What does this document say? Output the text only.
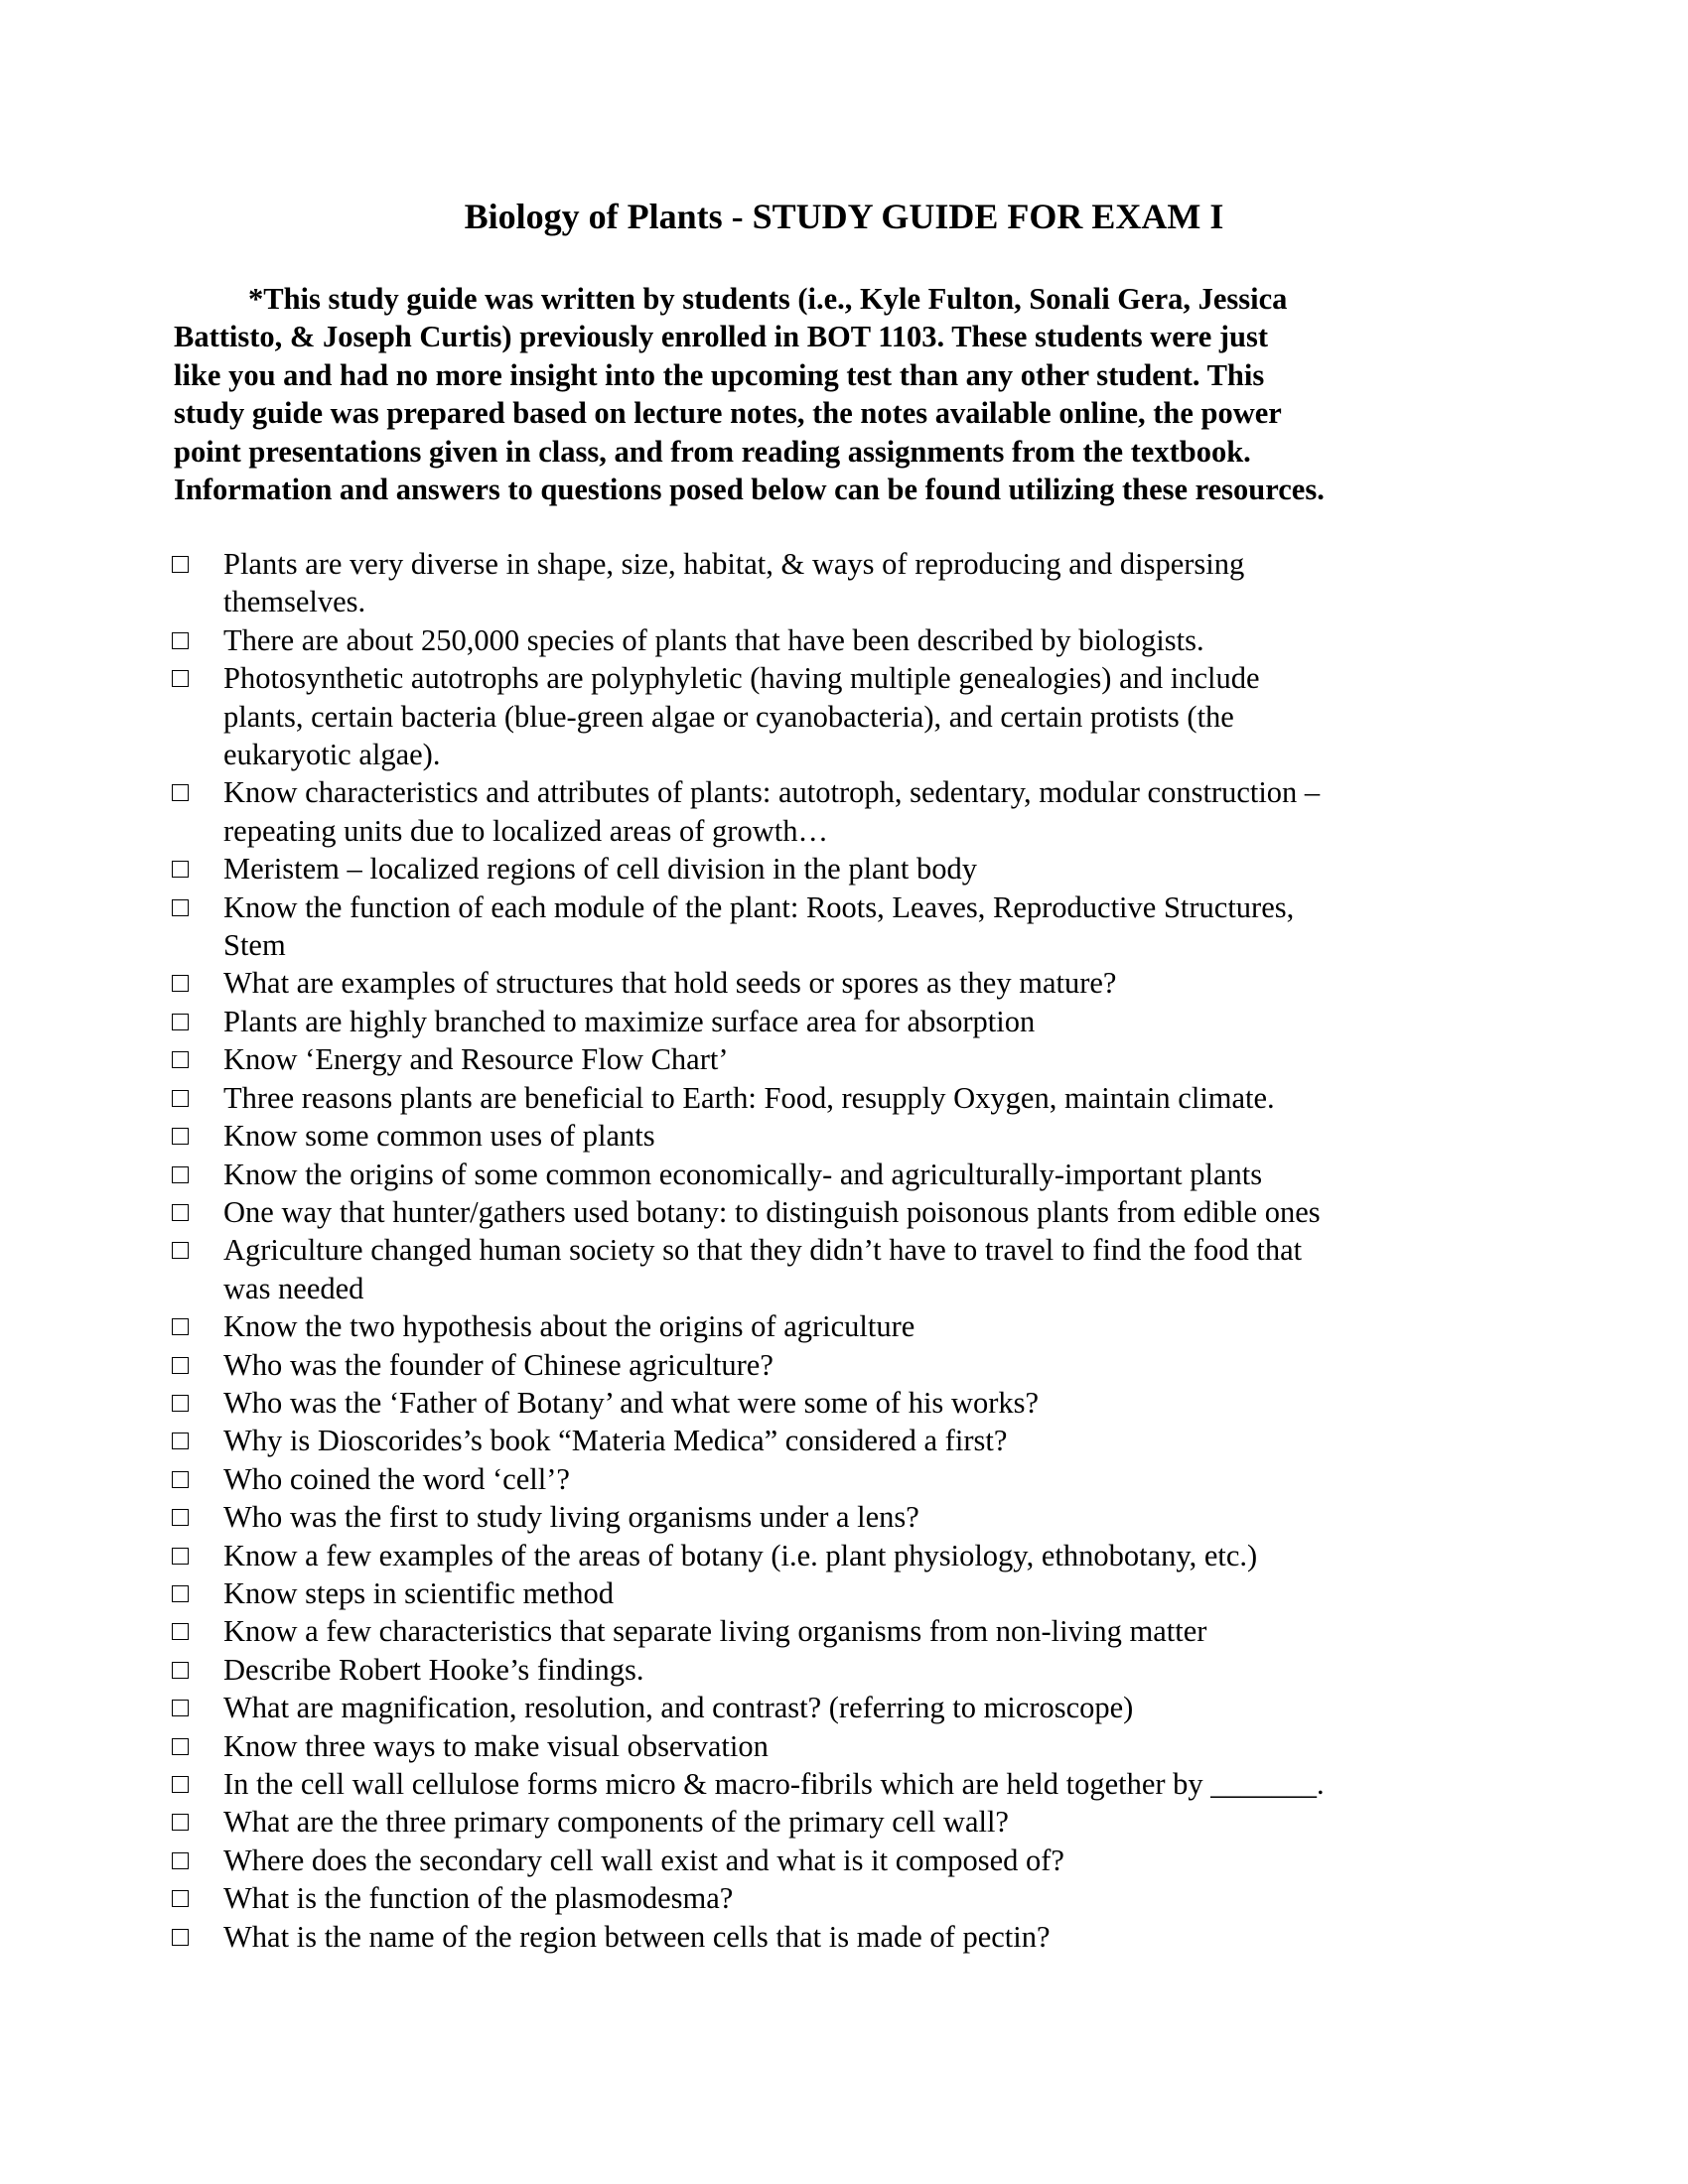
Biology of Plants - STUDY GUIDE FOR EXAM I
*This study guide was written by students (i.e., Kyle Fulton, Sonali Gera, Jessica
Battisto, & Joseph Curtis) previously enrolled in BOT 1103. These students were just
like you and had no more insight into the upcoming test than any other student. This
study guide was prepared based on lecture notes, the notes available online, the power
point presentations given in class, and from reading assignments from the textbook.
Information and answers to questions posed below can be found utilizing these resources.
Plants are very diverse in shape, size, habitat, & ways of reproducing and dispersing
themselves.
There are about 250,000 species of plants that have been described by biologists.
Photosynthetic autotrophs are polyphyletic (having multiple genealogies) and include
plants, certain bacteria (blue-green algae or cyanobacteria), and certain protists (the
eukaryotic algae).
Know characteristics and attributes of plants: autotroph, sedentary, modular construction –
repeating units due to localized areas of growth…
Meristem – localized regions of cell division in the plant body
Know the function of each module of the plant: Roots, Leaves, Reproductive Structures,
Stem
What are examples of structures that hold seeds or spores as they mature?
Plants are highly branched to maximize surface area for absorption
Know ‘Energy and Resource Flow Chart’
Three reasons plants are beneficial to Earth: Food, resupply Oxygen, maintain climate.
Know some common uses of plants
Know the origins of some common economically- and agriculturally-important plants
One way that hunter/gathers used botany: to distinguish poisonous plants from edible ones
Agriculture changed human society so that they didn’t have to travel to find the food that
was needed
Know the two hypothesis about the origins of agriculture
Who was the founder of Chinese agriculture?
Who was the ‘Father of Botany’ and what were some of his works?
Why is Dioscorides’s book “Materia Medica” considered a first?
Who coined the word ‘cell’?
Who was the first to study living organisms under a lens?
Know a few examples of the areas of botany (i.e. plant physiology, ethnobotany, etc.)
Know steps in scientific method
Know a few characteristics that separate living organisms from non-living matter
Describe Robert Hooke’s findings.
What are magnification, resolution, and contrast? (referring to microscope)
Know three ways to make visual observation
In the cell wall cellulose forms micro & macro-fibrils which are held together by _______.
What are the three primary components of the primary cell wall?
Where does the secondary cell wall exist and what is it composed of?
What is the function of the plasmodesma?
What is the name of the region between cells that is made of pectin?
